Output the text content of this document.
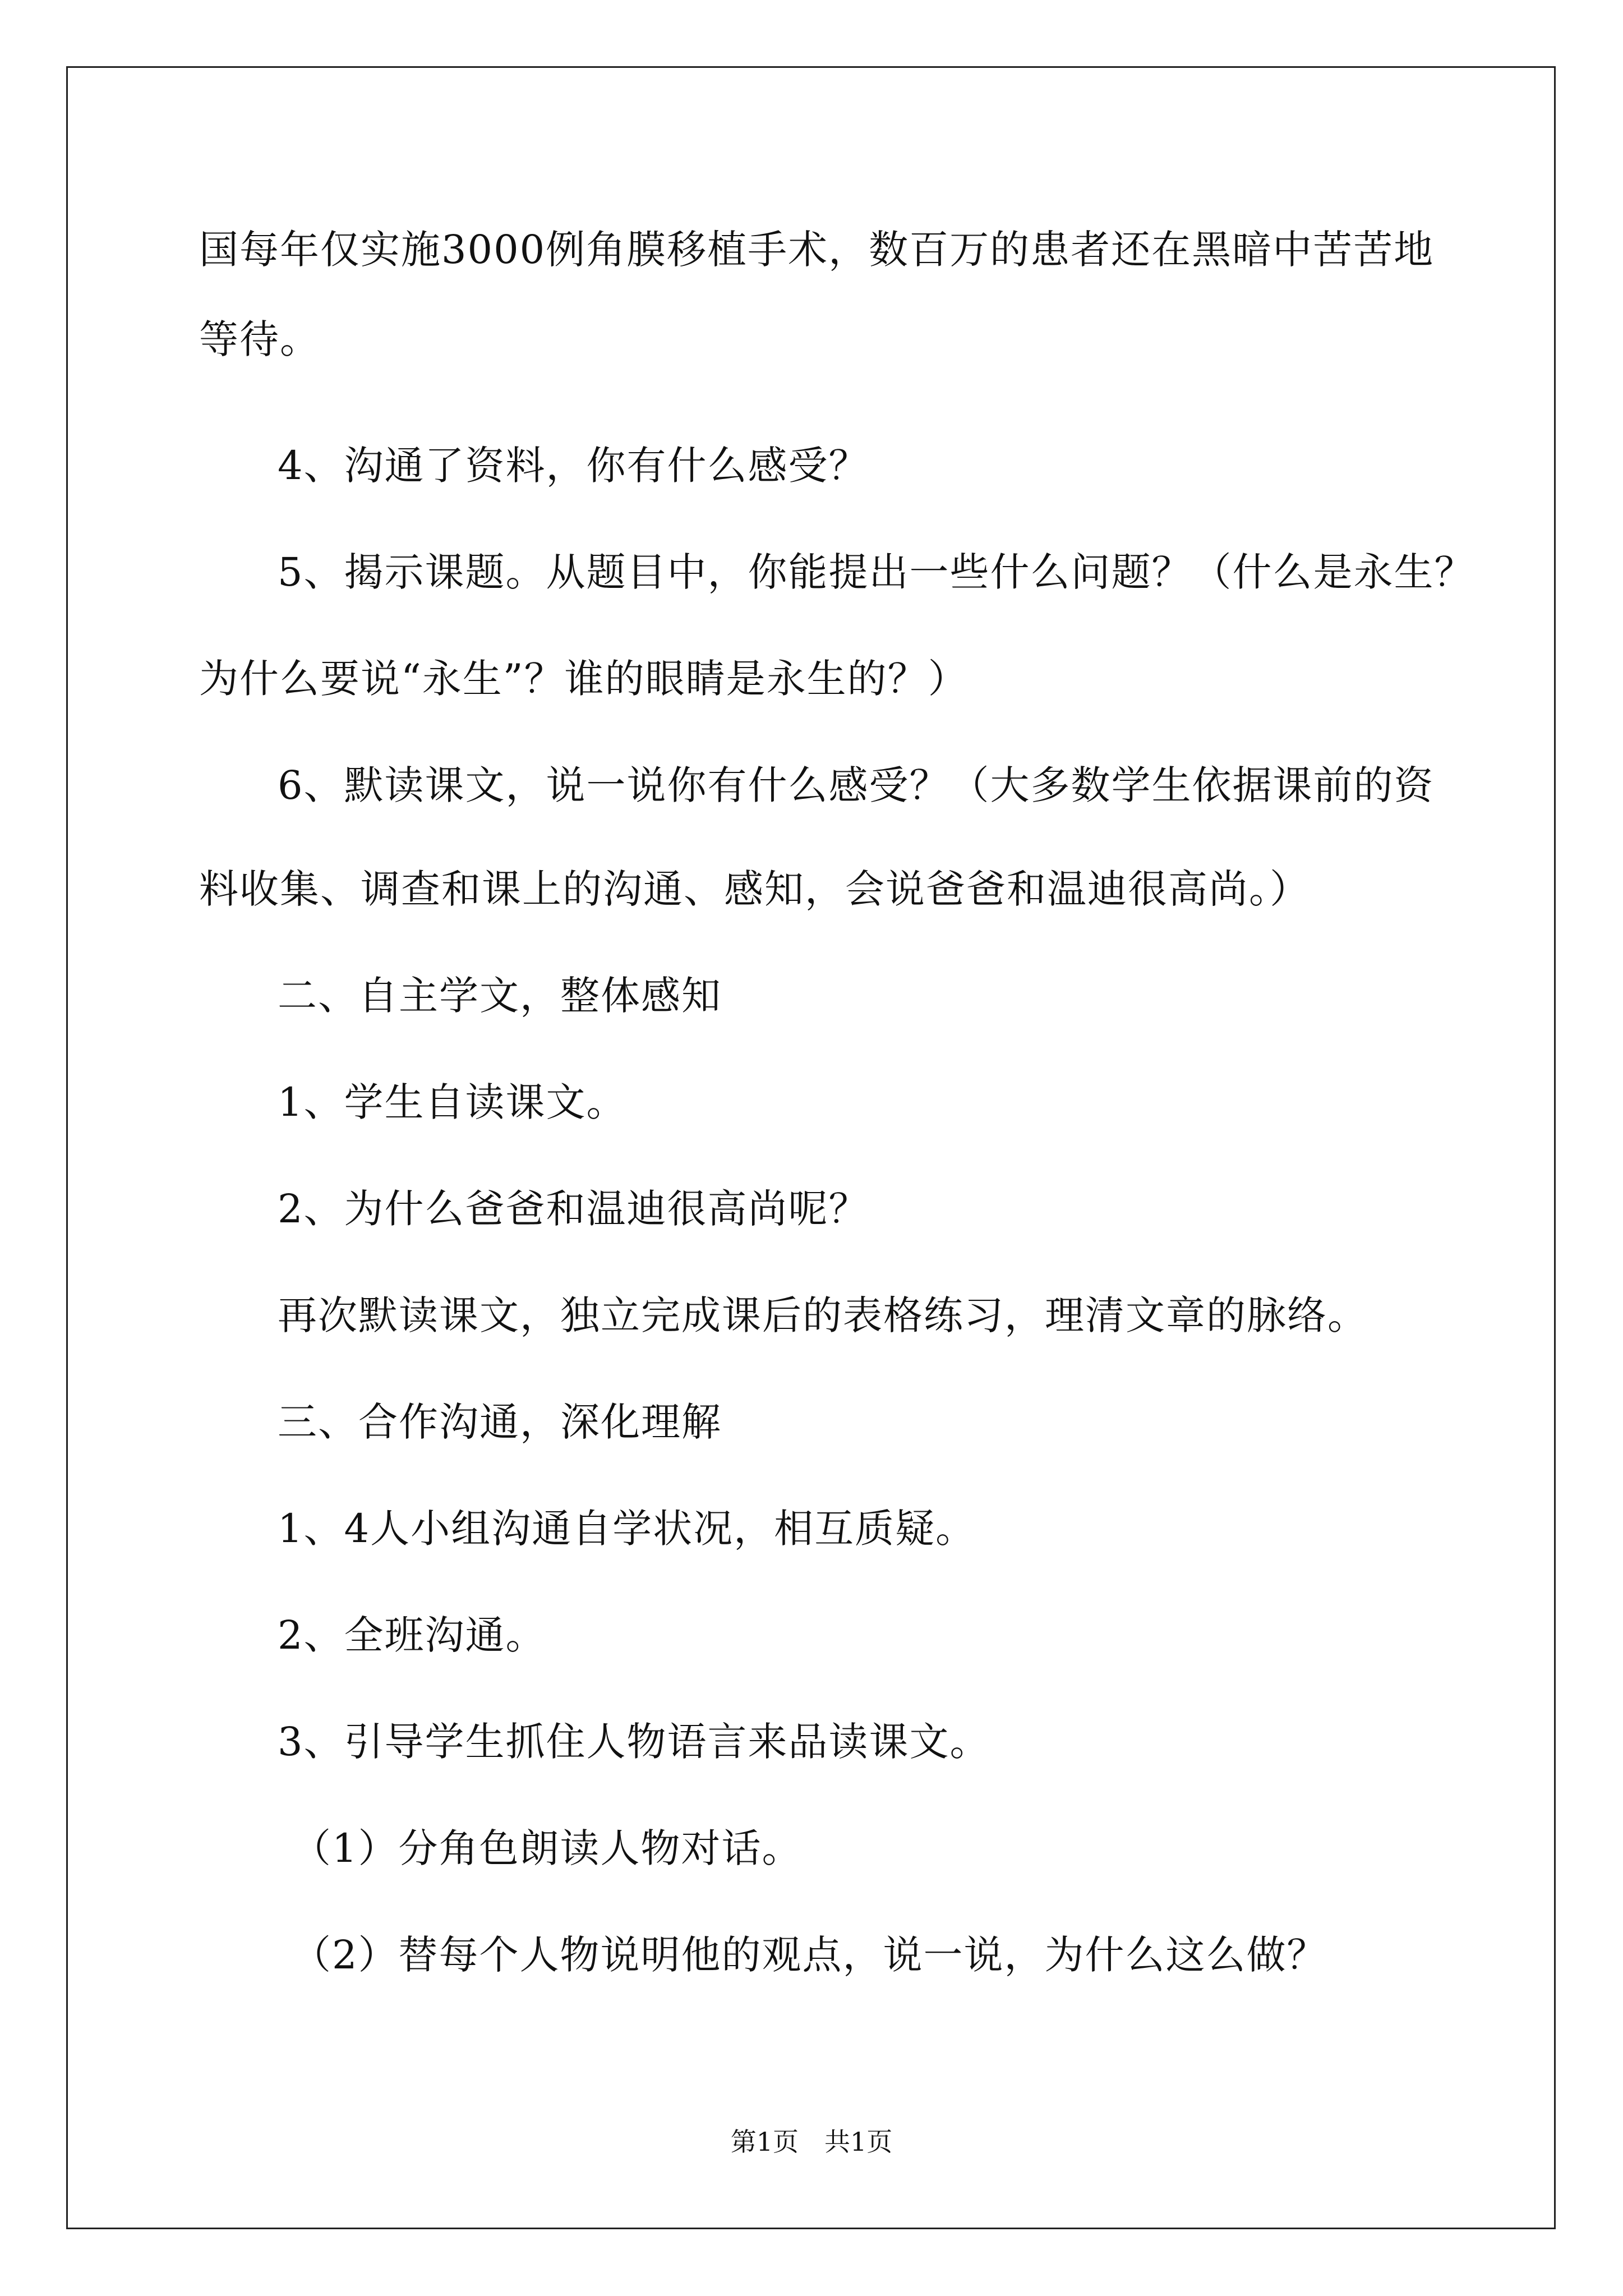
国每年仅实施3000例角膜移植手术，数百万的患者还在黑暗中苦苦地
等待。
4、沟通了资料，你有什么感受？
5、揭示课题。从题目中，你能提出一些什么问题？（什么是永生？
为什么要说“永生”？谁的眼睛是永生的？）
6、默读课文，说一说你有什么感受？（大多数学生依据课前的资
料收集、调查和课上的沟通、感知，会说爸爸和温迪很高尚。）
二、自主学文，整体感知
1、学生自读课文。
2、为什么爸爸和温迪很高尚呢？
再次默读课文，独立完成课后的表格练习，理清文章的脉络。
三、合作沟通，深化理解
1、4人小组沟通自学状况，相互质疑。
2、全班沟通。
3、引导学生抓住人物语言来品读课文。
（1）分角色朗读人物对话。
（2）替每个人物说明他的观点，说一说，为什么这么做？
第1页　共1页
